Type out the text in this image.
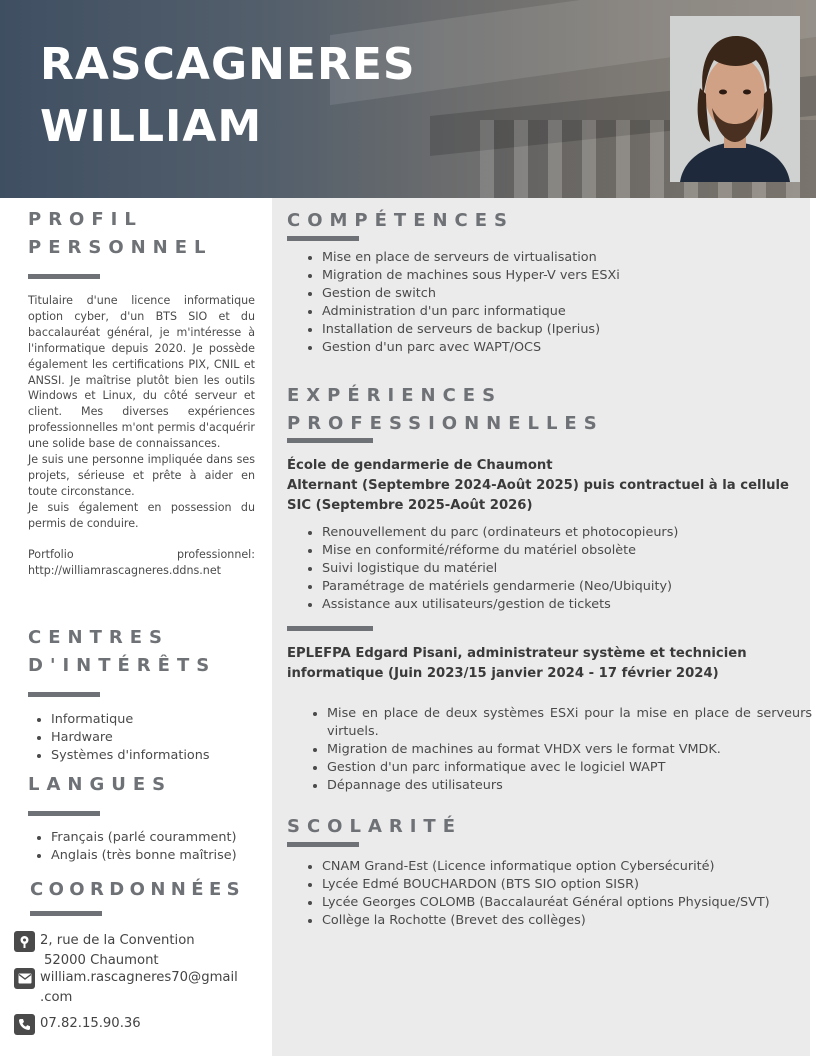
RASCAGNERES
WILLIAM
PROFIL
PERSONNEL

Titulaire d'une licence informatique option cyber, d'un BTS SIO et du baccalauréat général, je m'intéresse à l'informatique depuis 2020. Je possède également les certifications PIX, CNIL et ANSSI. Je maîtrise plutôt bien les outils Windows et Linux, du côté serveur et client. Mes diverses expériences professionnelles m'ont permis d'acquérir une solide base de connaissances.

Je suis une personne impliquée dans ses projets, sérieuse et prête à aider en toute circonstance.

Je suis également en possession du permis de conduire.

Portfolio professionnel: http://williamrascagneres.ddns.net

CENTRES
D'INTÉRÊTS
• Informatique
• Hardware
• Systèmes d'informations
LANGUES
• Français (parlé couramment)
• Anglais (très bonne maîtrise)
COORDONNÉES
2, rue de la Convention
52000 Chaumont
william.rascagneres70@gmail
.com
07.82.15.90.36
COMPÉTENCES
• Mise en place de serveurs de virtualisation
• Migration de machines sous Hyper-V vers ESXi
• Gestion de switch
• Administration d'un parc informatique
• Installation de serveurs de backup (Iperius)
• Gestion d'un parc avec WAPT/OCS
EXPÉRIENCES
PROFESSIONNELLES
École de gendarmerie de Chaumont
Alternant (Septembre 2024-Août 2025) puis contractuel à la cellule SIC (Septembre 2025-Août 2026)
• Renouvellement du parc (ordinateurs et photocopieurs)
• Mise en conformité/réforme du matériel obsolète
• Suivi logistique du matériel
• Paramétrage de matériels gendarmerie (Neo/Ubiquity)
• Assistance aux utilisateurs/gestion de tickets
EPLEFPA Edgard Pisani, administrateur système et technicien informatique (Juin 2023/15 janvier 2024 - 17 février 2024)
• Mise en place de deux systèmes ESXi pour la mise en place de serveurs virtuels.
• Migration de machines au format VHDX vers le format VMDK.
• Gestion d'un parc informatique avec le logiciel WAPT
• Dépannage des utilisateurs
SCOLARITÉ
• CNAM Grand-Est (Licence informatique option Cybersécurité)
• Lycée Edmé BOUCHARDON (BTS SIO option SISR)
• Lycée Georges COLOMB (Baccalauréat Général options Physique/SVT)
• Collège la Rochotte (Brevet des collèges)
